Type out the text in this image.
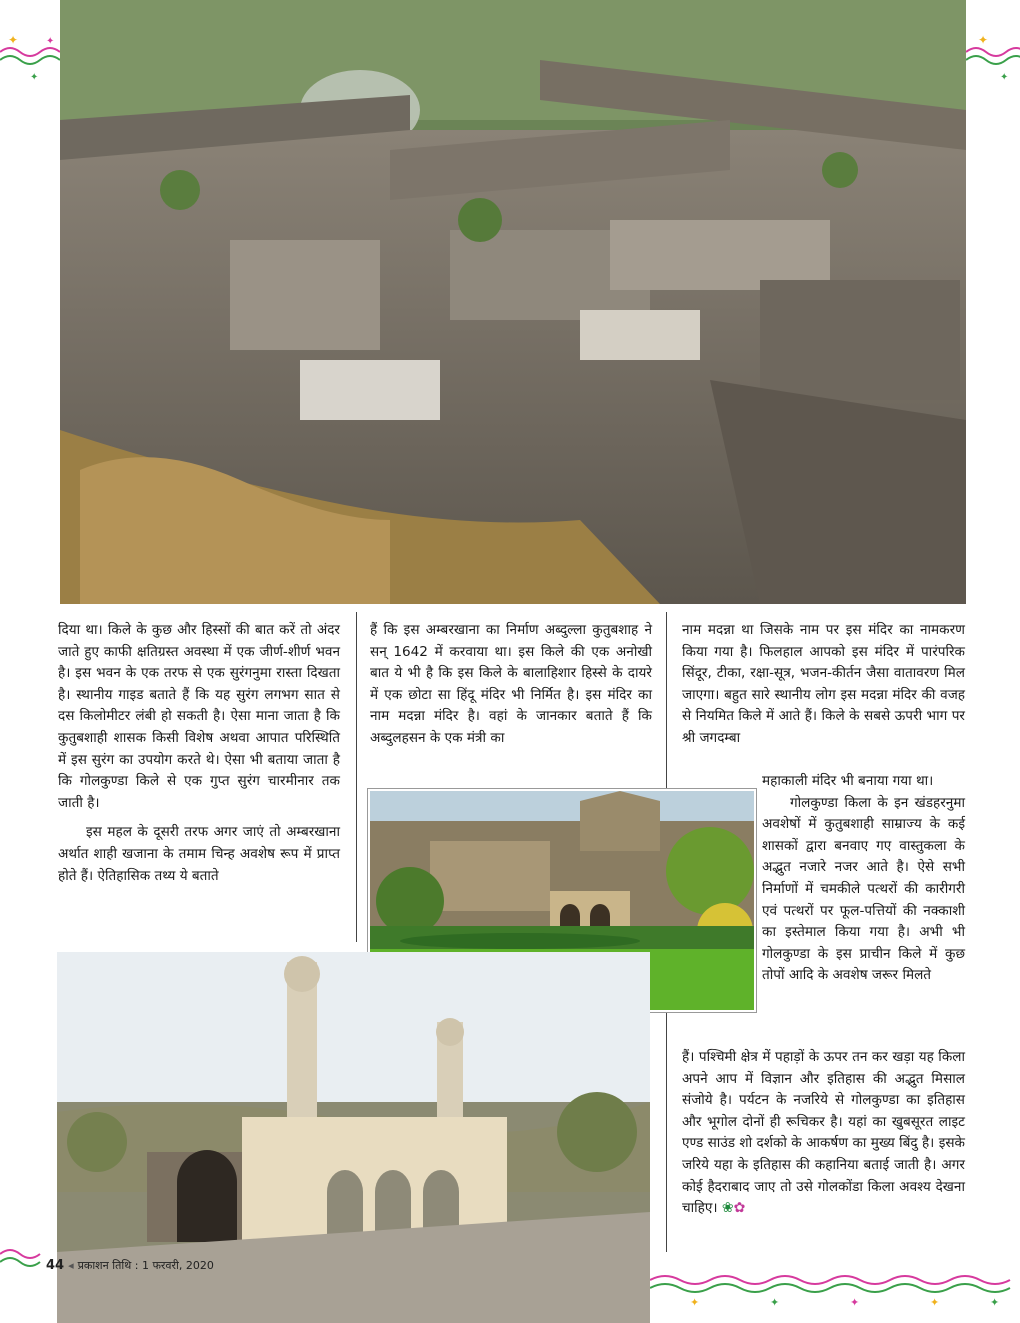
✦
✦
✦	✦
✦
✦	✦	✦	✦	✦

दिया था। किले के कुछ और हिस्सों की बात करें तो अंदर जाते हुए काफी क्षतिग्रस्त अवस्था में एक जीर्ण-शीर्ण भवन है। इस भवन के एक तरफ से एक सुरंगनुमा रास्ता दिखता है। स्थानीय गाइड बताते हैं कि यह सुरंग लगभग सात से दस किलोमीटर लंबी हो सकती है। ऐसा माना जाता है कि कुतुबशाही शासक किसी विशेष अथवा आपात परिस्थिति में इस सुरंग का उपयोग करते थे। ऐसा भी बताया जाता है कि गोलकुण्डा किले से एक गुप्त सुरंग चारमीनार तक जाती है।

इस महल के दूसरी तरफ अगर जाएं तो अम्बरखाना अर्थात शाही खजाना के तमाम चिन्ह अवशेष रूप में प्राप्त होते हैं। ऐतिहासिक तथ्य ये बताते

हैं कि इस अम्बरखाना का निर्माण अब्दुल्ला कुतुबशाह ने सन् 1642 में करवाया था। इस किले की एक अनोखी बात ये भी है कि इस किले के बालाहिशार हिस्से के दायरे में एक छोटा सा हिंदू मंदिर भी निर्मित है। इस मंदिर का नाम मदन्ना मंदिर है। वहां के जानकार बताते हैं कि अब्दुलहसन के एक मंत्री का

नाम मदन्ना था जिसके नाम पर इस मंदिर का नामकरण किया गया है। फिलहाल आपको इस मंदिर में पारंपरिक सिंदूर, टीका, रक्षा-सूत्र, भजन-कीर्तन जैसा वातावरण मिल जाएगा। बहुत सारे स्थानीय लोग इस मदन्ना मंदिर की वजह से नियमित किले में आते हैं। किले के सबसे ऊपरी भाग पर श्री जगदम्बा

महाकाली मंदिर भी बनाया गया था।

गोलकुण्डा किला के इन खंडहरनुमा अवशेषों में कुतुबशाही साम्राज्य के कई शासकों द्वारा बनवाए गए वास्तुकला के अद्भुत नजारे नजर आते है। ऐसे सभी निर्माणों में चमकीले पत्थरों की कारीगरी एवं पत्थरों पर फूल-पत्तियों की नक्काशी का इस्तेमाल किया गया है। अभी भी गोलकुण्डा के इस प्राचीन किले में कुछ तोपों आदि के अवशेष जरूर मिलते

हैं। पश्चिमी क्षेत्र में पहाड़ों के ऊपर तन कर खड़ा यह किला अपने आप में विज्ञान और इतिहास की अद्भुत मिसाल संजोये है। पर्यटन के नजरिये से गोलकुण्डा का इतिहास और भूगोल दोनों ही रूचिकर है। यहां का खुबसूरत लाइट एण्ड साउंड शो दर्शको के आकर्षण का मुख्य बिंदु है। इसके जरिये यहा के इतिहास की कहानिया बताई जाती है। अगर कोई हैदराबाद जाए तो उसे गोलकोंडा किला अवश्य देखना चाहिए। ❀✿

44 ◂ प्रकाशन तिथि : 1 फरवरी, 2020
